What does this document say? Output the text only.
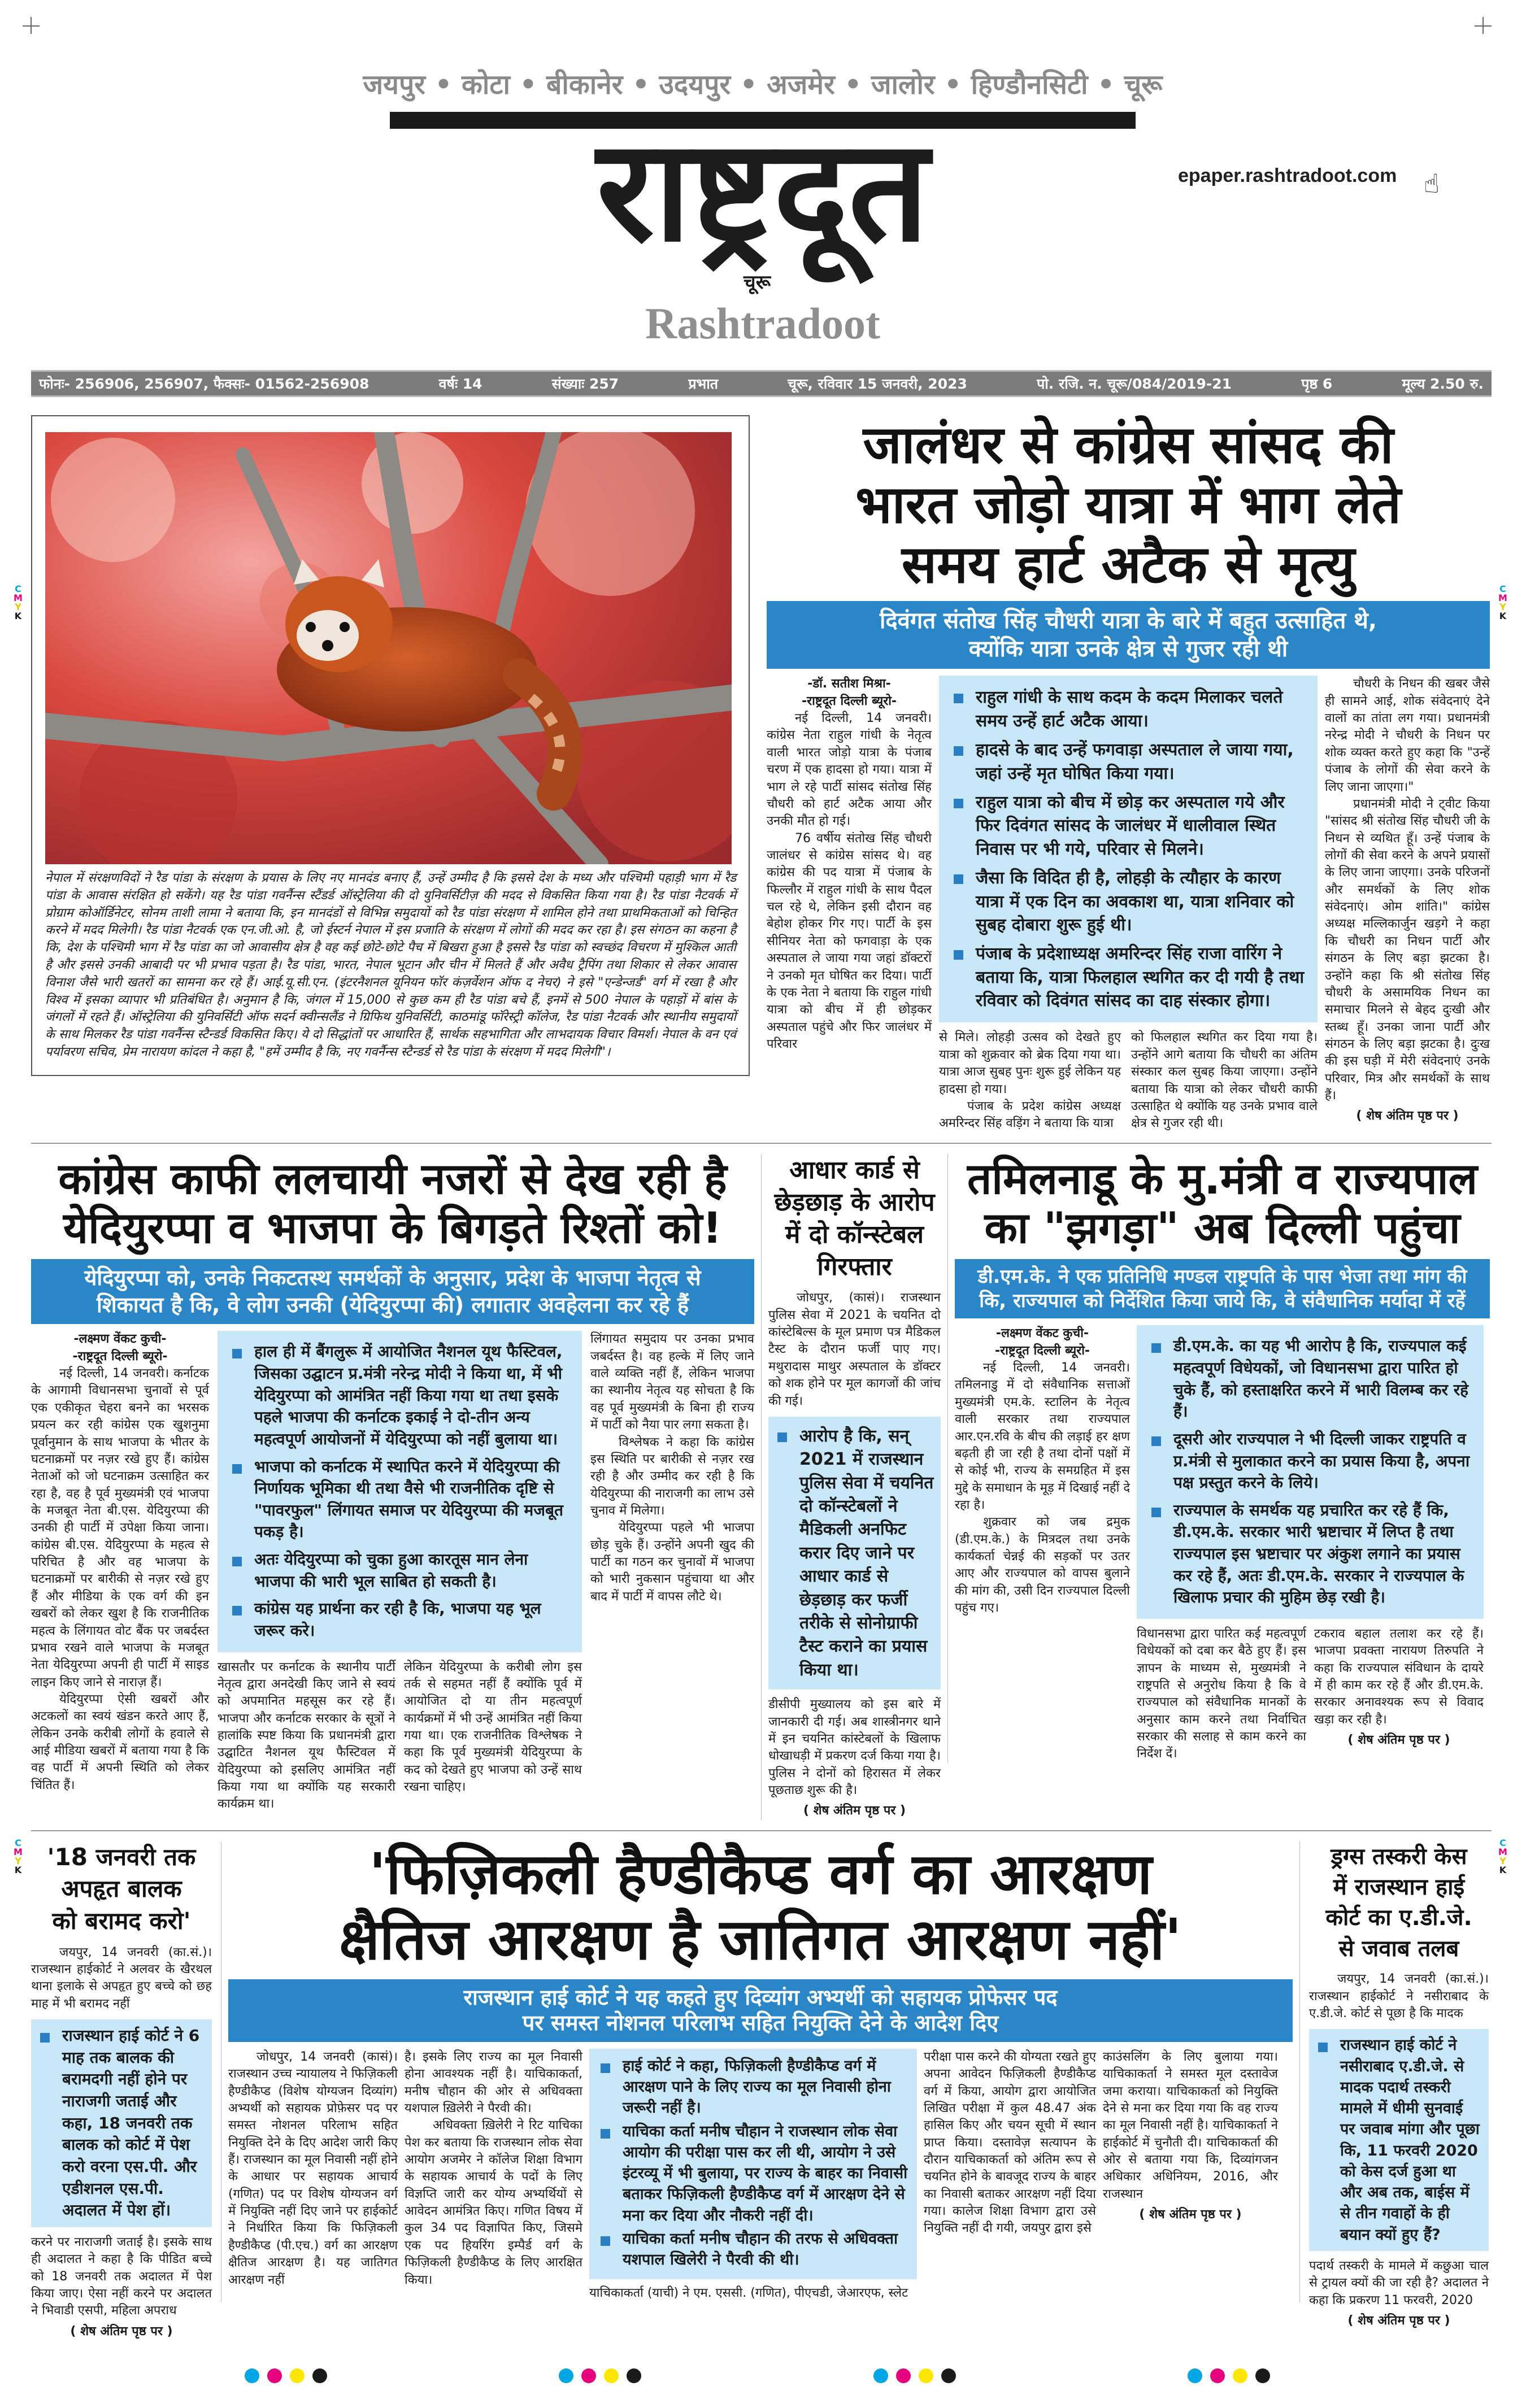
C
M
Y
K
C
M
Y
K
C
M
Y
K
C
M
Y
K
जयपुर • कोटा • बीकानेर • उदयपुर • अजमेर • जालोर • हिण्डौनसिटी • चूरू
राष्ट्रदूत
चूरू
Rashtradoot
epaper.rashtradoot.com ☝
फोनः- 256906, 256907, फैक्सः- 01562-256908	वर्षः 14	संख्याः 257	प्रभात	चूरू, रविवार 15 जनवरी, 2023	पो. रजि. न. चूरू/084/2019-21	पृष्ठ 6	मूल्य 2.50 रु.
नेपाल में संरक्षणविदों ने रैड पांडा के संरक्षण के प्रयास के लिए नए मानदंड बनाए हैं, उन्हें उम्मीद है कि इससे देश के मध्य और पश्चिमी पहाड़ी भाग में रैड पांडा के आवास संरक्षित हो सकेंगे। यह रैड पांडा गवर्नैन्स स्टैंडर्ड ऑस्ट्रेलिया की दो युनिवर्सिटीज़ की मदद से विकसित किया गया है। रैड पांडा नैटवर्क में प्रोग्राम कोऑर्डिनेटर, सोनम ताशी लामा ने बताया कि, इन मानदंडों से विभिन्न समुदायों को रैड पांडा संरक्षण में शामिल होने तथा प्राथमिकताओं को चिन्हित करने में मदद मिलेगी। रैड पांडा नैटवर्क एक एन.जी.ओ. है, जो ईस्टर्न नेपाल में इस प्रजाति के संरक्षण में लोगों की मदद कर रहा है। इस संगठन का कहना है कि, देश के पश्चिमी भाग में रैड पांडा का जो आवासीय क्षेत्र है वह कई छोटे-छोटे पैच में बिखरा हुआ है इससे रैड पांडा को स्वच्छंद विचरण में मुश्किल आती है और इससे उनकी आबादी पर भी प्रभाव पड़ता है। रैड पांडा, भारत, नेपाल भूटान और चीन में मिलते हैं और अवैध ट्रैपिंग तथा शिकार से लेकर आवास विनाश जैसे भारी खतरों का सामना कर रहे हैं। आई.यू.सी.एन. (इंटरनैशनल यूनियन फॉर कंज़र्वेशन ऑफ द नेचर) ने इसे "एन्डेन्जर्ड" वर्ग में रखा है और विश्व में इसका व्यापार भी प्रतिबंधित है। अनुमान है कि, जंगल में 15,000 से कुछ कम ही रैड पांडा बचे हैं, इनमें से 500 नेपाल के पहाड़ों में बांस के जंगलों में रहते हैं। ऑस्ट्रेलिया की युनिवर्सिटी ऑफ सदर्न क्वीन्सलैंड ने ग्रिफिथ युनिवर्सिटी, काठमांडू फॉरेस्ट्री कॉलेज, रैड पांडा नैटवर्क और स्थानीय समुदायों के साथ मिलकर रैड पांडा गवर्नैन्स स्टैन्डर्ड विकसित किए। ये दो सिद्धांतों पर आधारित हैं, सार्थक सहभागिता और लाभदायक विचार विमर्श। नेपाल के वन एवं पर्यावरण सचिव, प्रेम नारायण कांदल ने कहा है, "हमें उम्मीद है कि, नए गवर्नैन्स स्टैन्डर्ड से रैड पांडा के संरक्षण में मदद मिलेगी"।
जालंधर से कांग्रेस सांसद की
भारत जोड़ो यात्रा में भाग लेते
समय हार्ट अटैक से मृत्यु
दिवंगत संतोख सिंह चौधरी यात्रा के बारे में बहुत उत्साहित थे,
क्योंकि यात्रा उनके क्षेत्र से गुजर रही थी

-डॉ. सतीश मिश्रा-

-राष्ट्रदूत दिल्ली ब्यूरो-

नई दिल्ली, 14 जनवरी। कांग्रेस नेता राहुल गांधी के नेतृत्व वाली भारत जोड़ो यात्रा के पंजाब चरण में एक हादसा हो गया। यात्रा में भाग ले रहे पार्टी सांसद संतोख सिंह चौधरी को हार्ट अटैक आया और उनकी मौत हो गई।

76 वर्षीय संतोख सिंह चौधरी जालंधर से कांग्रेस सांसद थे। वह कांग्रेस की पद यात्रा में पंजाब के फिल्लौर में राहुल गांधी के साथ पैदल चल रहे थे, लेकिन इसी दौरान वह बेहोश होकर गिर गए। पार्टी के इस सीनियर नेता को फगवाड़ा के एक अस्पताल ले जाया गया जहां डॉक्टरों ने उनको मृत घोषित कर दिया। पार्टी के एक नेता ने बताया कि राहुल गांधी यात्रा को बीच में ही छोड़कर अस्पताल पहुंचे और फिर जालंधर में परिवार

राहुल गांधी के साथ कदम के कदम मिलाकर चलते समय उन्हें हार्ट अटैक आया।
हादसे के बाद उन्हें फगवाड़ा अस्पताल ले जाया गया, जहां उन्हें मृत घोषित किया गया।
राहुल यात्रा को बीच में छोड़ कर अस्पताल गये और फिर दिवंगत सांसद के जालंधर में धालीवाल स्थित निवास पर भी गये, परिवार से मिलने।
जैसा कि विदित ही है, लोहड़ी के त्यौहार के कारण यात्रा में एक दिन का अवकाश था, यात्रा शनिवार को सुबह दोबारा शुरू हुई थी।
पंजाब के प्रदेशाध्यक्ष अमरिन्दर सिंह राजा वारिंग ने बताया कि, यात्रा फिलहाल स्थगित कर दी गयी है तथा रविवार को दिवंगत सांसद का दाह संस्कार होगा।

से मिले। लोहड़ी उत्सव को देखते हुए यात्रा को शुक्रवार को ब्रेक दिया गया था। यात्रा आज सुबह पुनः शुरू हुई लेकिन यह हादसा हो गया।

पंजाब के प्रदेश कांग्रेस अध्यक्ष अमरिन्दर सिंह वड़िंग ने बताया कि यात्रा

को फिलहाल स्थगित कर दिया गया है। उन्होंने आगे बताया कि चौधरी का अंतिम संस्कार कल सुबह किया जाएगा। उन्होंने बताया कि यात्रा को लेकर चौधरी काफी उत्साहित थे क्योंकि यह उनके प्रभाव वाले क्षेत्र से गुजर रही थी।

चौधरी के निधन की खबर जैसे ही सामने आई, शोक संवेदनाएं देने वालों का तांता लग गया। प्रधानमंत्री नरेन्द्र मोदी ने चौधरी के निधन पर शोक व्यक्त करते हुए कहा कि "उन्हें पंजाब के लोगों की सेवा करने के लिए जाना जाएगा।"

प्रधानमंत्री मोदी ने ट्वीट किया "सांसद श्री संतोख सिंह चौधरी जी के निधन से व्यथित हूँ। उन्हें पंजाब के लोगों की सेवा करने के अपने प्रयासों के लिए जाना जाएगा। उनके परिजनों और समर्थकों के लिए शोक संवेदनाएं। ओम शांति।" कांग्रेस अध्यक्ष मल्लिकार्जुन खड़गे ने कहा कि चौधरी का निधन पार्टी और संगठन के लिए बड़ा झटका है। उन्होंने कहा कि श्री संतोख सिंह चौधरी के असामयिक निधन का समाचार मिलने से बेहद दुःखी और स्तब्ध हूँ। उनका जाना पार्टी और संगठन के लिए बड़ा झटका है। दुःख की इस घड़ी में मेरी संवेदनाएं उनके परिवार, मित्र और समर्थकों के साथ हैं।

( शेष अंतिम पृष्ठ पर )

कांग्रेस काफी ललचायी नजरों से देख रही है
येदियुरप्पा व भाजपा के बिगड़ते रिश्तों को!
येदियुरप्पा को, उनके निकटतस्थ समर्थकों के अनुसार, प्रदेश के भाजपा नेतृत्व से
शिकायत है कि, वे लोग उनकी (येदियुरप्पा की) लगातार अवहेलना कर रहे हैं

-लक्ष्मण वेंकट कुची-

-राष्ट्रदूत दिल्ली ब्यूरो-

नई दिल्ली, 14 जनवरी। कर्नाटक के आगामी विधानसभा चुनावों से पूर्व एक एकीकृत चेहरा बनने का भरसक प्रयत्न कर रही कांग्रेस एक खुशनुमा पूर्वानुमान के साथ भाजपा के भीतर के घटनाक्रमों पर नज़र रखे हुए हैं। कांग्रेस नेताओं को जो घटनाक्रम उत्साहित कर रहा है, वह है पूर्व मुख्यमंत्री एवं भाजपा के मजबूत नेता बी.एस. येदियुरप्पा की उनकी ही पार्टी में उपेक्षा किया जाना। कांग्रेस बी.एस. येदियुरप्पा के महत्व से परिचित है और वह भाजपा के घटनाक्रमों पर बारीकी से नज़र रखे हुए हैं और मीडिया के एक वर्ग की इन खबरों को लेकर खुश है कि राजनीतिक महत्व के लिंगायत वोट बैंक पर जबर्दस्त प्रभाव रखने वाले भाजपा के मजबूत नेता येदियुरप्पा अपनी ही पार्टी में साइड लाइन किए जाने से नाराज़ हैं।

येदियुरप्पा ऐसी खबरों और अटकलों का स्वयं खंडन करते आए हैं, लेकिन उनके करीबी लोगों के हवाले से आई मीडिया खबरों में बताया गया है कि वह पार्टी में अपनी स्थिति को लेकर चिंतित हैं।

हाल ही में बैंगलुरू में आयोजित नैशनल यूथ फैस्टिवल, जिसका उद्घाटन प्र.मंत्री नरेन्द्र मोदी ने किया था, में भी येदियुरप्पा को आमंत्रित नहीं किया गया था तथा इसके पहले भाजपा की कर्नाटक इकाई ने दो-तीन अन्य महत्वपूर्ण आयोजनों में येदियुरप्पा को नहीं बुलाया था।
भाजपा को कर्नाटक में स्थापित करने में येदियुरप्पा की निर्णायक भूमिका थी तथा वैसे भी राजनीतिक दृष्टि से "पावरफुल" लिंगायत समाज पर येदियुरप्पा की मजबूत पकड़ है।
अतः येदियुरप्पा को चुका हुआ कारतूस मान लेना भाजपा की भारी भूल साबित हो सकती है।
कांग्रेस यह प्रार्थना कर रही है कि, भाजपा यह भूल जरूर करे।

खासतौर पर कर्नाटक के स्थानीय पार्टी नेतृत्व द्वारा अनदेखी किए जाने से स्वयं को अपमानित महसूस कर रहे हैं। भाजपा और कर्नाटक सरकार के सूत्रों ने हालांकि स्पष्ट किया कि प्रधानमंत्री द्वारा उद्घाटित नैशनल यूथ फैस्टिवल में येदियुरप्पा को इसलिए आमंत्रित नहीं किया गया था क्योंकि यह सरकारी कार्यक्रम था।

लेकिन येदियुरप्पा के करीबी लोग इस तर्क से सहमत नहीं हैं क्योंकि पूर्व में आयोजित दो या तीन महत्वपूर्ण कार्यक्रमों में भी उन्हें आमंत्रित नहीं किया गया था। एक राजनीतिक विश्लेषक ने कहा कि पूर्व मुख्यमंत्री येदियुरप्पा के कद को देखते हुए भाजपा को उन्हें साथ रखना चाहिए।

लिंगायत समुदाय पर उनका प्रभाव जबर्दस्त है। वह हल्के में लिए जाने वाले व्यक्ति नहीं हैं, लेकिन भाजपा का स्थानीय नेतृत्व यह सोचता है कि वह पूर्व मुख्यमंत्री के बिना ही राज्य में पार्टी को नैया पार लगा सकता है।

विश्लेषक ने कहा कि कांग्रेस इस स्थिति पर बारीकी से नज़र रख रही है और उम्मीद कर रही है कि येदियुरप्पा की नाराजगी का लाभ उसे चुनाव में मिलेगा।

येदियुरप्पा पहले भी भाजपा छोड़ चुके हैं। उन्होंने अपनी खुद की पार्टी का गठन कर चुनावों में भाजपा को भारी नुकसान पहुंचाया था और बाद में पार्टी में वापस लौटे थे।

आधार कार्ड से
छेड़छाड़ के आरोप
में दो कॉन्स्टेबल
गिरफ्तार

जोधपुर, (कासं)। राजस्थान पुलिस सेवा में 2021 के चयनित दो कांस्टेबिल्स के मूल प्रमाण पत्र मैडिकल टैस्ट के दौरान फर्जी पाए गए। मथुरादास माथुर अस्पताल के डॉक्टर को शक होने पर मूल कागजों की जांच की गई।

आरोप है कि, सन् 2021 में राजस्थान पुलिस सेवा में चयनित दो कॉन्स्टेबलों ने मैडिकली अनफिट करार दिए जाने पर आधार कार्ड से छेड़छाड़ कर फर्जी तरीके से सोनोग्राफी टैस्ट कराने का प्रयास किया था।

डीसीपी मुख्यालय को इस बारे में जानकारी दी गई। अब शास्त्रीनगर थाने में इन चयनित कांस्टेबलों के खिलाफ धोखाधड़ी में प्रकरण दर्ज किया गया है। पुलिस ने दोनों को हिरासत में लेकर पूछताछ शुरू की है।

( शेष अंतिम पृष्ठ पर )

तमिलनाडू के मु.मंत्री व राज्यपाल
का "झगड़ा" अब दिल्ली पहुंचा
डी.एम.के. ने एक प्रतिनिधि मण्डल राष्ट्रपति के पास भेजा तथा मांग की
कि, राज्यपाल को निर्देशित किया जाये कि, वे संवैधानिक मर्यादा में रहें

-लक्ष्मण वेंकट कुची-

-राष्ट्रदूत दिल्ली ब्यूरो-

नई दिल्ली, 14 जनवरी। तमिलनाडु में दो संवैधानिक सत्ताओं मुख्यमंत्री एम.के. स्टालिन के नेतृत्व वाली सरकार तथा राज्यपाल आर.एन.रवि के बीच की लड़ाई हर क्षण बढ़ती ही जा रही है तथा दोनों पक्षों में से कोई भी, राज्य के समग्रहित में इस मुद्दे के समाधान के मूड़ में दिखाई नहीं दे रहा है।

शुक्रवार को जब द्रमुक (डी.एम.के.) के मित्रदल तथा उनके कार्यकर्ता चेन्नई की सड़कों पर उतर आए और राज्यपाल को वापस बुलाने की मांग की, उसी दिन राज्यपाल दिल्ली पहुंच गए।

डी.एम.के. का यह भी आरोप है कि, राज्यपाल कई महत्वपूर्ण विधेयकों, जो विधानसभा द्वारा पारित हो चुके हैं, को हस्ताक्षरित करने में भारी विलम्ब कर रहे हैं।
दूसरी ओर राज्यपाल ने भी दिल्ली जाकर राष्ट्रपति व प्र.मंत्री से मुलाकात करने का प्रयास किया है, अपना पक्ष प्रस्तुत करने के लिये।
राज्यपाल के समर्थक यह प्रचारित कर रहे हैं कि, डी.एम.के. सरकार भारी भ्रष्टाचार में लिप्त है तथा राज्यपाल इस भ्रष्टाचार पर अंकुश लगाने का प्रयास कर रहे हैं, अतः डी.एम.के. सरकार ने राज्यपाल के खिलाफ प्रचार की मुहिम छेड़ रखी है।

विधानसभा द्वारा पारित कई महत्वपूर्ण विधेयकों को दबा कर बैठे हुए हैं। इस ज्ञापन के माध्यम से, मुख्यमंत्री ने राष्ट्रपति से अनुरोध किया है कि वे राज्यपाल को संवैधानिक मानकों के अनुसार काम करने तथा निर्वाचित सरकार की सलाह से काम करने का निर्देश दें।

टकराव बहाल तलाश कर रहे हैं। भाजपा प्रवक्ता नारायण तिरुपति ने कहा कि राज्यपाल संविधान के दायरे में ही काम कर रहे हैं और डी.एम.के. सरकार अनावश्यक रूप से विवाद खड़ा कर रही है।

( शेष अंतिम पृष्ठ पर )

'18 जनवरी तक
अपहृत बालक
को बरामद करो'

जयपुर, 14 जनवरी (का.सं.)। राजस्थान हाईकोर्ट ने अलवर के खैरथल थाना इलाके से अपहृत हुए बच्चे को छह माह में भी बरामद नहीं

राजस्थान हाई कोर्ट ने 6 माह तक बालक की बरामदगी नहीं होने पर नाराजगी जताई और कहा, 18 जनवरी तक बालक को कोर्ट में पेश करो वरना एस.पी. और एडीशनल एस.पी. अदालत में पेश हों।

करने पर नाराजगी जताई है। इसके साथ ही अदालत ने कहा है कि पीडित बच्चे को 18 जनवरी तक अदालत में पेश किया जाए। ऐसा नहीं करने पर अदालत ने भिवाडी एसपी, महिला अपराध

( शेष अंतिम पृष्ठ पर )

'फिज़िकली हैण्डीकैप्ड वर्ग का आरक्षण
क्षैतिज आरक्षण है जातिगत आरक्षण नहीं'
राजस्थान हाई कोर्ट ने यह कहते हुए दिव्यांग अभ्यर्थी को सहायक प्रोफेसर पद
पर समस्त नोशनल परिलाभ सहित नियुक्ति देने के आदेश दिए

जोधपुर, 14 जनवरी (कासं)। राजस्थान उच्च न्यायालय ने फिज़िकली हैण्डीकैप्ड (विशेष योग्यजन दिव्यांग) अभ्यर्थी को सहायक प्रोफ़ेसर पद पर समस्त नोशनल परिलाभ सहित नियुक्ति देने के दिए आदेश जारी किए हैं। राजस्थान का मूल निवासी नहीं होने के आधार पर सहायक आचार्य (गणित) पद पर विशेष योग्यजन वर्ग में नियुक्ति नहीं दिए जाने पर हाईकोर्ट ने निर्धारित किया कि फिज़िकली हैण्डीकैप्ड (पी.एच.) वर्ग का आरक्षण क्षैतिज आरक्षण है। यह जातिगत आरक्षण नहीं

है। इसके लिए राज्य का मूल निवासी होना आवश्यक नहीं है। याचिकाकर्ता, मनीष चौहान की ओर से अधिवक्ता यशपाल ख़िलेरी ने पैरवी की।

अधिवक्ता ख़िलेरी ने रिट याचिका पेश कर बताया कि राजस्थान लोक सेवा आयोग अजमेर ने कॉलेज शिक्षा विभाग के सहायक आचार्य के पदों के लिए विज्ञप्ति जारी कर योग्य अभ्यर्थियों से आवेदन आमंत्रित किए। गणित विषय में कुल 34 पद विज्ञापित किए, जिसमे एक पद हियरिंग इम्पैर्ड वर्ग के फिज़िकली हैण्डीकैप्ड के लिए आरक्षित किया।

हाई कोर्ट ने कहा, फिज़िकली हैण्डीकैप्ड वर्ग में आरक्षण पाने के लिए राज्य का मूल निवासी होना जरूरी नहीं है।
याचिका कर्ता मनीष चौहान ने राजस्थान लोक सेवा आयोग की परीक्षा पास कर ली थी, आयोग ने उसे इंटरव्यू में भी बुलाया, पर राज्य के बाहर का निवासी बताकर फिज़िकली हैण्डीकैप्ड वर्ग में आरक्षण देने से मना कर दिया और नौकरी नहीं दी।
याचिका कर्ता मनीष चौहान की तरफ से अधिवक्ता यशपाल खिलेरी ने पैरवी की थी।

याचिकाकर्ता (याची) ने एम. एससी. (गणित), पीएचडी, जेआरएफ, स्लेट

परीक्षा पास करने की योग्यता रखते हुए अपना आवेदन फिज़िकली हैण्डीकैप्ड वर्ग में किया, आयोग द्वारा आयोजित लिखित परीक्षा में कुल 48.47 अंक हासिल किए और चयन सूची में स्थान प्राप्त किया। दस्तावेज़ सत्यापन के दौरान याचिकाकर्ता को अंतिम रूप से चयनित होने के बावजूद राज्य के बाहर का निवासी बताकर आरक्षण नहीं दिया गया। कालेज शिक्षा विभाग द्वारा उसे नियुक्ति नहीं दी गयी, जयपुर द्वारा इसे

काउंसलिंग के लिए बुलाया गया। याचिकाकर्ता ने समस्त मूल दस्तावेज जमा कराया। याचिकाकर्ता को नियुक्ति देने से मना कर दिया गया कि वह राज्य का मूल निवासी नहीं है। याचिकाकर्ता ने हाईकोर्ट में चुनौती दी। याचिकाकर्ता की ओर से बताया गया कि, दिव्यांगजन अधिकार अधिनियम, 2016, और राजस्थान

( शेष अंतिम पृष्ठ पर )

ड्रग्स तस्करी केस
में राजस्थान हाई
कोर्ट का ए.डी.जे.
से जवाब तलब

जयपुर, 14 जनवरी (का.सं.)। राजस्थान हाईकोर्ट ने नसीराबाद के ए.डी.जे. कोर्ट से पूछा है कि मादक

राजस्थान हाई कोर्ट ने नसीराबाद ए.डी.जे. से मादक पदार्थ तस्करी मामले में धीमी सुनवाई पर जवाब मांगा और पूछा कि, 11 फरवरी 2020 को केस दर्ज हुआ था और अब तक, बाईस में से तीन गवाहों के ही बयान क्यों हुए हैं?

पदार्थ तस्करी के मामले में कछुआ चाल से ट्रायल क्यों की जा रही है? अदालत ने कहा कि प्रकरण 11 फरवरी, 2020

( शेष अंतिम पृष्ठ पर )
